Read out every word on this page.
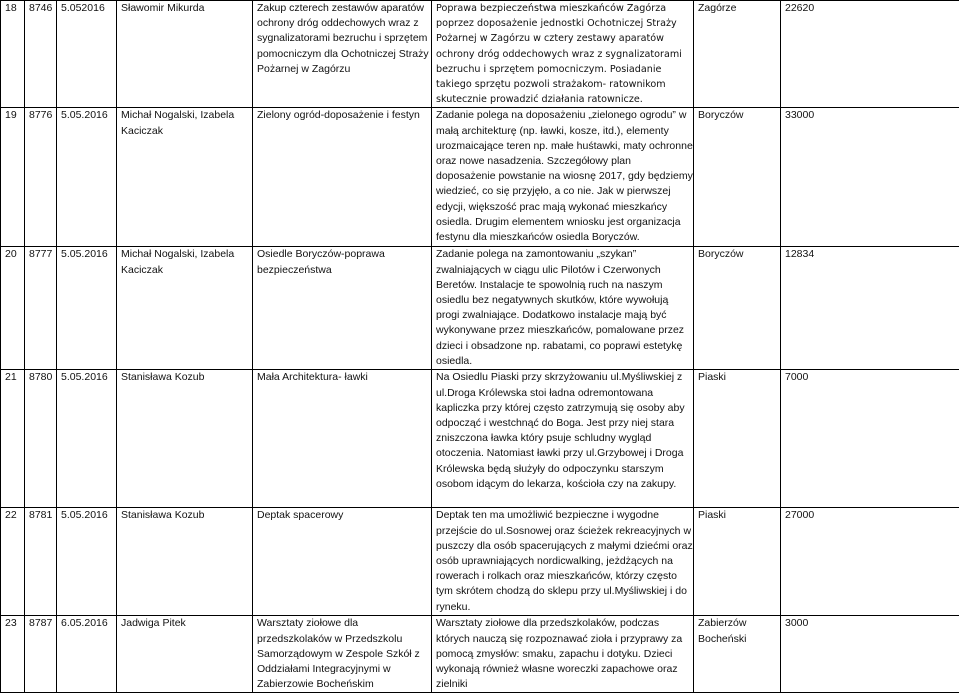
18	8746	5.052016	Sławomir Mikurda	Zakup czterech zestawów aparatów ochrony dróg oddechowych wraz z sygnalizatorami bezruchu i sprzętem pomocniczym dla Ochotniczej Straży Pożarnej w Zagórzu	Poprawa bezpieczeństwa mieszkańców Zagórza poprzez doposażenie jednostki Ochotniczej Straży Pożarnej w Zagórzu w cztery zestawy aparatów ochrony dróg oddechowych wraz z sygnalizatorami bezruchu i sprzętem pomocniczym. Posiadanie takiego sprzętu pozwoli strażakom- ratownikom skutecznie prowadzić działania ratownicze.	Zagórze	22620
19	8776	5.05.2016	Michał Nogalski, Izabela Kaciczak	Zielony ogród-doposażenie i festyn	Zadanie polega na doposażeniu „zielonego ogrodu” w małą architekturę (np. ławki, kosze, itd.), elementy urozmaicające teren np. małe huśtawki, maty ochronne oraz nowe nasadzenia. Szczegółowy plan doposażenie powstanie na wiosnę 2017, gdy będziemy wiedzieć, co się przyjęło, a co nie. Jak w pierwszej edycji, większość prac mają wykonać mieszkańcy osiedla. Drugim elementem wniosku jest organizacja festynu dla mieszkańców osiedla Boryczów.	Boryczów	33000
20	8777	5.05.2016	Michał Nogalski, Izabela Kaciczak	Osiedle Boryczów-poprawa bezpieczeństwa	Zadanie polega na zamontowaniu „szykan” zwalniających w ciągu ulic Pilotów i Czerwonych Beretów. Instalacje te spowolnią ruch na naszym osiedlu bez negatywnych skutków, które wywołują progi zwalniające. Dodatkowo instalacje mają być wykonywane przez mieszkańców, pomalowane przez dzieci i obsadzone np. rabatami, co poprawi estetykę osiedla.	Boryczów	12834
21	8780	5.05.2016	Stanisława Kozub	Mała Architektura- ławki	Na Osiedlu Piaski przy skrzyżowaniu ul.Myśliwskiej z ul.Droga Królewska stoi ładna odremontowana kapliczka przy której często zatrzymują się osoby aby odpocząć i westchnąć do Boga. Jest przy niej stara zniszczona ławka który psuje schludny wygląd otoczenia. Natomiast ławki przy ul.Grzybowej i Droga Królewska będą służyły do odpoczynku starszym osobom idącym do lekarza, kościoła czy na zakupy.	Piaski	7000
22	8781	5.05.2016	Stanisława Kozub	Deptak spacerowy	Deptak ten ma umożliwić bezpieczne i wygodne przejście do ul.Sosnowej oraz ścieżek rekreacyjnych w puszczy dla osób spacerujących z małymi dziećmi oraz osób uprawniających nordicwalking, jeżdżących na rowerach i rolkach oraz mieszkańców, którzy często tym skrótem chodzą do sklepu przy ul.Myśliwskiej i do ryneku.	Piaski	27000
23	8787	6.05.2016	Jadwiga Pitek	Warsztaty ziołowe dla przedszkolaków w Przedszkolu Samorządowym w Zespole Szkół z Oddziałami Integracyjnymi w Zabierzowie Bocheńskim	Warsztaty ziołowe dla przedszkolaków, podczas których nauczą się rozpoznawać zioła i przyprawy za pomocą zmysłów: smaku, zapachu i dotyku. Dzieci wykonają również własne woreczki zapachowe oraz zielniki	Zabierzów Bocheński	3000
